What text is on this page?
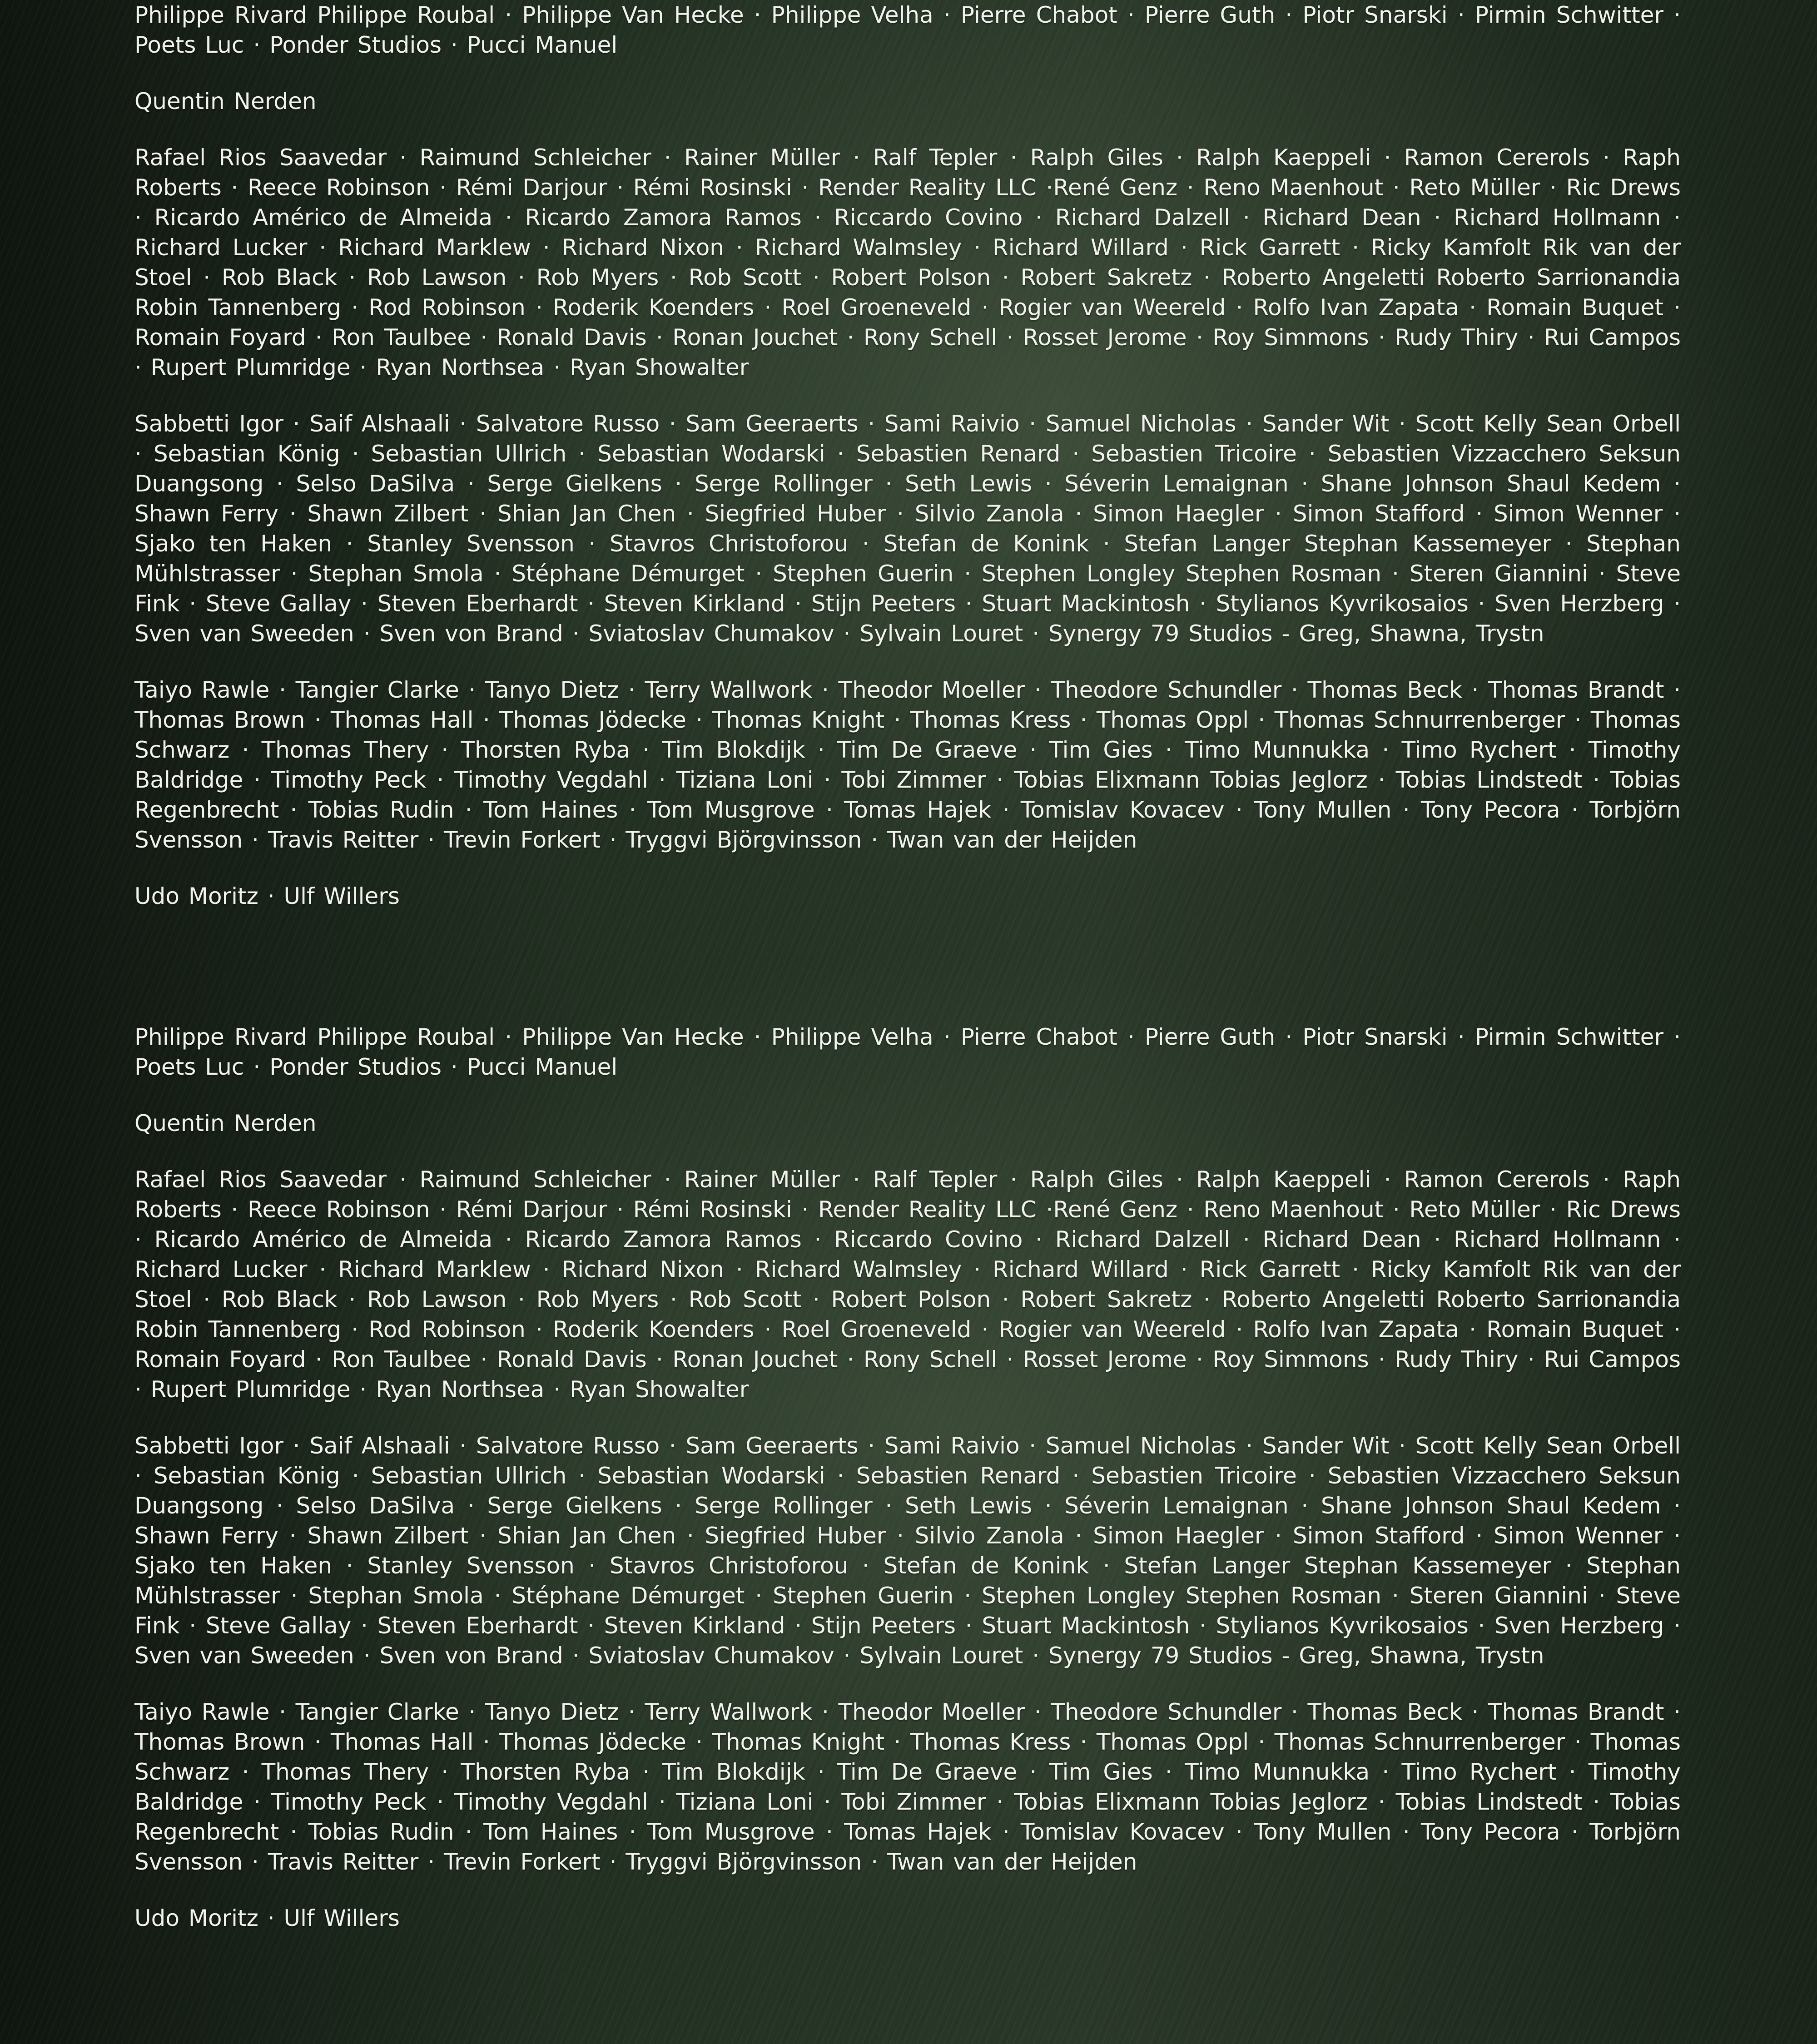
Philippe Rivard Philippe Roubal · Philippe Van Hecke · Philippe Velha · Pierre Chabot · Pierre Guth · Piotr Snarski · Pirmin Schwitter · Poets Luc · Ponder Studios · Pucci Manuel

Quentin Nerden

Rafael Rios Saavedar · Raimund Schleicher · Rainer Müller · Ralf Tepler · Ralph Giles · Ralph Kaeppeli · Ramon Cererols · Raph Roberts · Reece Robinson · Rémi Darjour · Rémi Rosinski · Render Reality LLC ·René Genz · Reno Maenhout · Reto Müller · Ric Drews · Ricardo Américo de Almeida · Ricardo Zamora Ramos · Riccardo Covino · Richard Dalzell · Richard Dean · Richard Hollmann · Richard Lucker · Richard Marklew · Richard Nixon · Richard Walmsley · Richard Willard · Rick Garrett · Ricky Kamfolt Rik van der Stoel · Rob Black · Rob Lawson · Rob Myers · Rob Scott · Robert Polson · Robert Sakretz · Roberto Angeletti Roberto Sarrionandia Robin Tannenberg · Rod Robinson · Roderik Koenders · Roel Groeneveld · Rogier van Weereld · Rolfo Ivan Zapata · Romain Buquet · Romain Foyard · Ron Taulbee · Ronald Davis · Ronan Jouchet · Rony Schell · Rosset Jerome · Roy Simmons · Rudy Thiry · Rui Campos · Rupert Plumridge · Ryan Northsea · Ryan Showalter

Sabbetti Igor · Saif Alshaali · Salvatore Russo · Sam Geeraerts · Sami Raivio · Samuel Nicholas · Sander Wit · Scott Kelly Sean Orbell · Sebastian König · Sebastian Ullrich · Sebastian Wodarski · Sebastien Renard · Sebastien Tricoire · Sebastien Vizzacchero Seksun Duangsong · Selso DaSilva · Serge Gielkens · Serge Rollinger · Seth Lewis · Séverin Lemaignan · Shane Johnson Shaul Kedem · Shawn Ferry · Shawn Zilbert · Shian Jan Chen · Siegfried Huber · Silvio Zanola · Simon Haegler · Simon Stafford · Simon Wenner · Sjako ten Haken · Stanley Svensson · Stavros Christoforou · Stefan de Konink · Stefan Langer Stephan Kassemeyer · Stephan Mühlstrasser · Stephan Smola · Stéphane Démurget · Stephen Guerin · Stephen Longley Stephen Rosman · Steren Giannini · Steve Fink · Steve Gallay · Steven Eberhardt · Steven Kirkland · Stijn Peeters · Stuart Mackintosh · Stylianos Kyvrikosaios · Sven Herzberg · Sven van Sweeden · Sven von Brand · Sviatoslav Chumakov · Sylvain Louret · Synergy 79 Studios - Greg, Shawna, Trystn

Taiyo Rawle · Tangier Clarke · Tanyo Dietz · Terry Wallwork · Theodor Moeller · Theodore Schundler · Thomas Beck · Thomas Brandt · Thomas Brown · Thomas Hall · Thomas Jödecke · Thomas Knight · Thomas Kress · Thomas Oppl · Thomas Schnurrenberger · Thomas Schwarz · Thomas Thery · Thorsten Ryba · Tim Blokdijk · Tim De Graeve · Tim Gies · Timo Munnukka · Timo Rychert · Timothy Baldridge · Timothy Peck · Timothy Vegdahl · Tiziana Loni · Tobi Zimmer · Tobias Elixmann Tobias Jeglorz · Tobias Lindstedt · Tobias Regenbrecht · Tobias Rudin · Tom Haines · Tom Musgrove · Tomas Hajek · Tomislav Kovacev · Tony Mullen · Tony Pecora · Torbjörn Svensson · Travis Reitter · Trevin Forkert · Tryggvi Björgvinsson · Twan van der Heijden

Udo Moritz · Ulf Willers

Philippe Rivard Philippe Roubal · Philippe Van Hecke · Philippe Velha · Pierre Chabot · Pierre Guth · Piotr Snarski · Pirmin Schwitter · Poets Luc · Ponder Studios · Pucci Manuel

Quentin Nerden

Rafael Rios Saavedar · Raimund Schleicher · Rainer Müller · Ralf Tepler · Ralph Giles · Ralph Kaeppeli · Ramon Cererols · Raph Roberts · Reece Robinson · Rémi Darjour · Rémi Rosinski · Render Reality LLC ·René Genz · Reno Maenhout · Reto Müller · Ric Drews · Ricardo Américo de Almeida · Ricardo Zamora Ramos · Riccardo Covino · Richard Dalzell · Richard Dean · Richard Hollmann · Richard Lucker · Richard Marklew · Richard Nixon · Richard Walmsley · Richard Willard · Rick Garrett · Ricky Kamfolt Rik van der Stoel · Rob Black · Rob Lawson · Rob Myers · Rob Scott · Robert Polson · Robert Sakretz · Roberto Angeletti Roberto Sarrionandia Robin Tannenberg · Rod Robinson · Roderik Koenders · Roel Groeneveld · Rogier van Weereld · Rolfo Ivan Zapata · Romain Buquet · Romain Foyard · Ron Taulbee · Ronald Davis · Ronan Jouchet · Rony Schell · Rosset Jerome · Roy Simmons · Rudy Thiry · Rui Campos · Rupert Plumridge · Ryan Northsea · Ryan Showalter

Sabbetti Igor · Saif Alshaali · Salvatore Russo · Sam Geeraerts · Sami Raivio · Samuel Nicholas · Sander Wit · Scott Kelly Sean Orbell · Sebastian König · Sebastian Ullrich · Sebastian Wodarski · Sebastien Renard · Sebastien Tricoire · Sebastien Vizzacchero Seksun Duangsong · Selso DaSilva · Serge Gielkens · Serge Rollinger · Seth Lewis · Séverin Lemaignan · Shane Johnson Shaul Kedem · Shawn Ferry · Shawn Zilbert · Shian Jan Chen · Siegfried Huber · Silvio Zanola · Simon Haegler · Simon Stafford · Simon Wenner · Sjako ten Haken · Stanley Svensson · Stavros Christoforou · Stefan de Konink · Stefan Langer Stephan Kassemeyer · Stephan Mühlstrasser · Stephan Smola · Stéphane Démurget · Stephen Guerin · Stephen Longley Stephen Rosman · Steren Giannini · Steve Fink · Steve Gallay · Steven Eberhardt · Steven Kirkland · Stijn Peeters · Stuart Mackintosh · Stylianos Kyvrikosaios · Sven Herzberg · Sven van Sweeden · Sven von Brand · Sviatoslav Chumakov · Sylvain Louret · Synergy 79 Studios - Greg, Shawna, Trystn

Taiyo Rawle · Tangier Clarke · Tanyo Dietz · Terry Wallwork · Theodor Moeller · Theodore Schundler · Thomas Beck · Thomas Brandt · Thomas Brown · Thomas Hall · Thomas Jödecke · Thomas Knight · Thomas Kress · Thomas Oppl · Thomas Schnurrenberger · Thomas Schwarz · Thomas Thery · Thorsten Ryba · Tim Blokdijk · Tim De Graeve · Tim Gies · Timo Munnukka · Timo Rychert · Timothy Baldridge · Timothy Peck · Timothy Vegdahl · Tiziana Loni · Tobi Zimmer · Tobias Elixmann Tobias Jeglorz · Tobias Lindstedt · Tobias Regenbrecht · Tobias Rudin · Tom Haines · Tom Musgrove · Tomas Hajek · Tomislav Kovacev · Tony Mullen · Tony Pecora · Torbjörn Svensson · Travis Reitter · Trevin Forkert · Tryggvi Björgvinsson · Twan van der Heijden

Udo Moritz · Ulf Willers
